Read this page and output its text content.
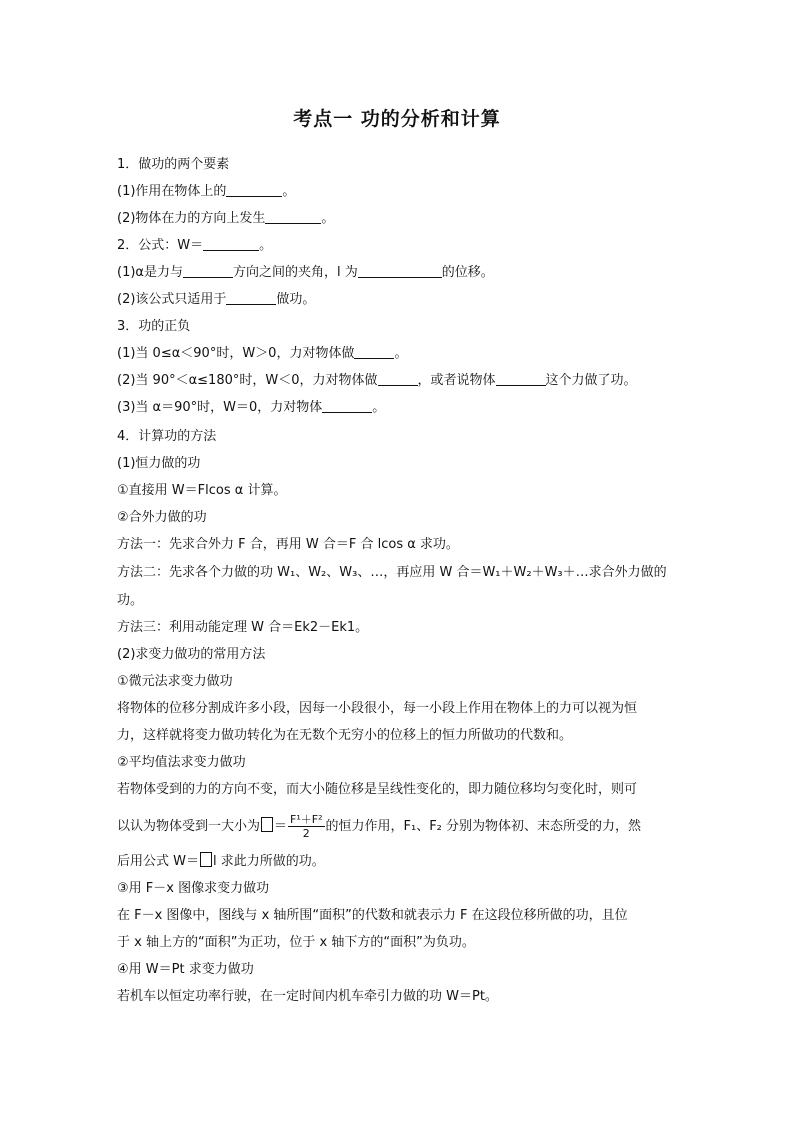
考点一 功的分析和计算
1．做功的两个要素
(1)作用在物体上的	。
(2)物体在力的方向上发生	。
2．公式：W＝	。
(1)α是力与	方向之间的夹角，l 为	的位移。
(2)该公式只适用于	做功。
3．功的正负
(1)当 0≤α＜90°时，W＞0，力对物体做	。
(2)当 90°＜α≤180°时，W＜0，力对物体做	，或者说物体	这个力做了功。
(3)当 α＝90°时，W＝0，力对物体	。
4．计算功的方法
(1)恒力做的功
①直接用 W＝Flcos α 计算。
②合外力做的功
方法一：先求合外力 F 合，再用 W 合＝F 合 lcos α 求功。
方法二：先求各个力做的功 W₁、W₂、W₃、…，再应用 W 合＝W₁＋W₂＋W₃＋…求合外力做的
功。
方法三：利用动能定理 W 合＝Ek2－Ek1。
(2)求变力做功的常用方法
①微元法求变力做功
将物体的位移分割成许多小段，因每一小段很小，每一小段上作用在物体上的力可以视为恒
力，这样就将变力做功转化为在无数个无穷小的位移上的恒力所做功的代数和。
②平均值法求变力做功
若物体受到的力的方向不变，而大小随位移是呈线性变化的，即力随位移均匀变化时，则可
以认为物体受到一大小为 ＝ $\frac{\text{F¹＋F²}}{2}$ 的恒力作用，F₁、F₂ 分别为物体初、末态所受的力，然
后用公式 W＝ l 求此力所做的功。
③用 F－x 图像求变力做功
在 F－x 图像中，图线与 x 轴所围“面积”的代数和就表示力 F 在这段位移所做的功，且位
于 x 轴上方的“面积”为正功，位于 x 轴下方的“面积”为负功。
④用 W＝Pt 求变力做功
若机车以恒定功率行驶，在一定时间内机车牵引力做的功 W＝Pt。
